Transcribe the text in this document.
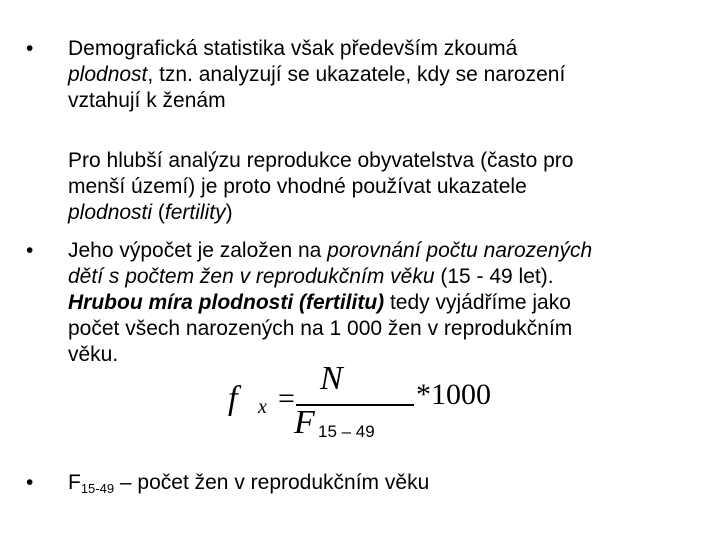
• Demografická statistika však především zkoumá
plodnost, tzn. analyzují se ukazatele, kdy se narození
vztahují k ženám
Pro hlubší analýzu reprodukce obyvatelstva (často pro
menší území) je proto vhodné používat ukazatele
plodnosti (fertility)
• Jeho výpočet je založen na porovnání počtu narozených
dětí s počtem žen v reprodukčním věku (15 - 49 let).
Hrubou míra plodnosti (fertilitu) tedy vyjádříme jako
počet všech narozených na 1 000 žen v reprodukčním
věku.
f x =
N
F 15 – 49
*1000
• $F_{15-49}$ – počet žen v reprodukčním věku
